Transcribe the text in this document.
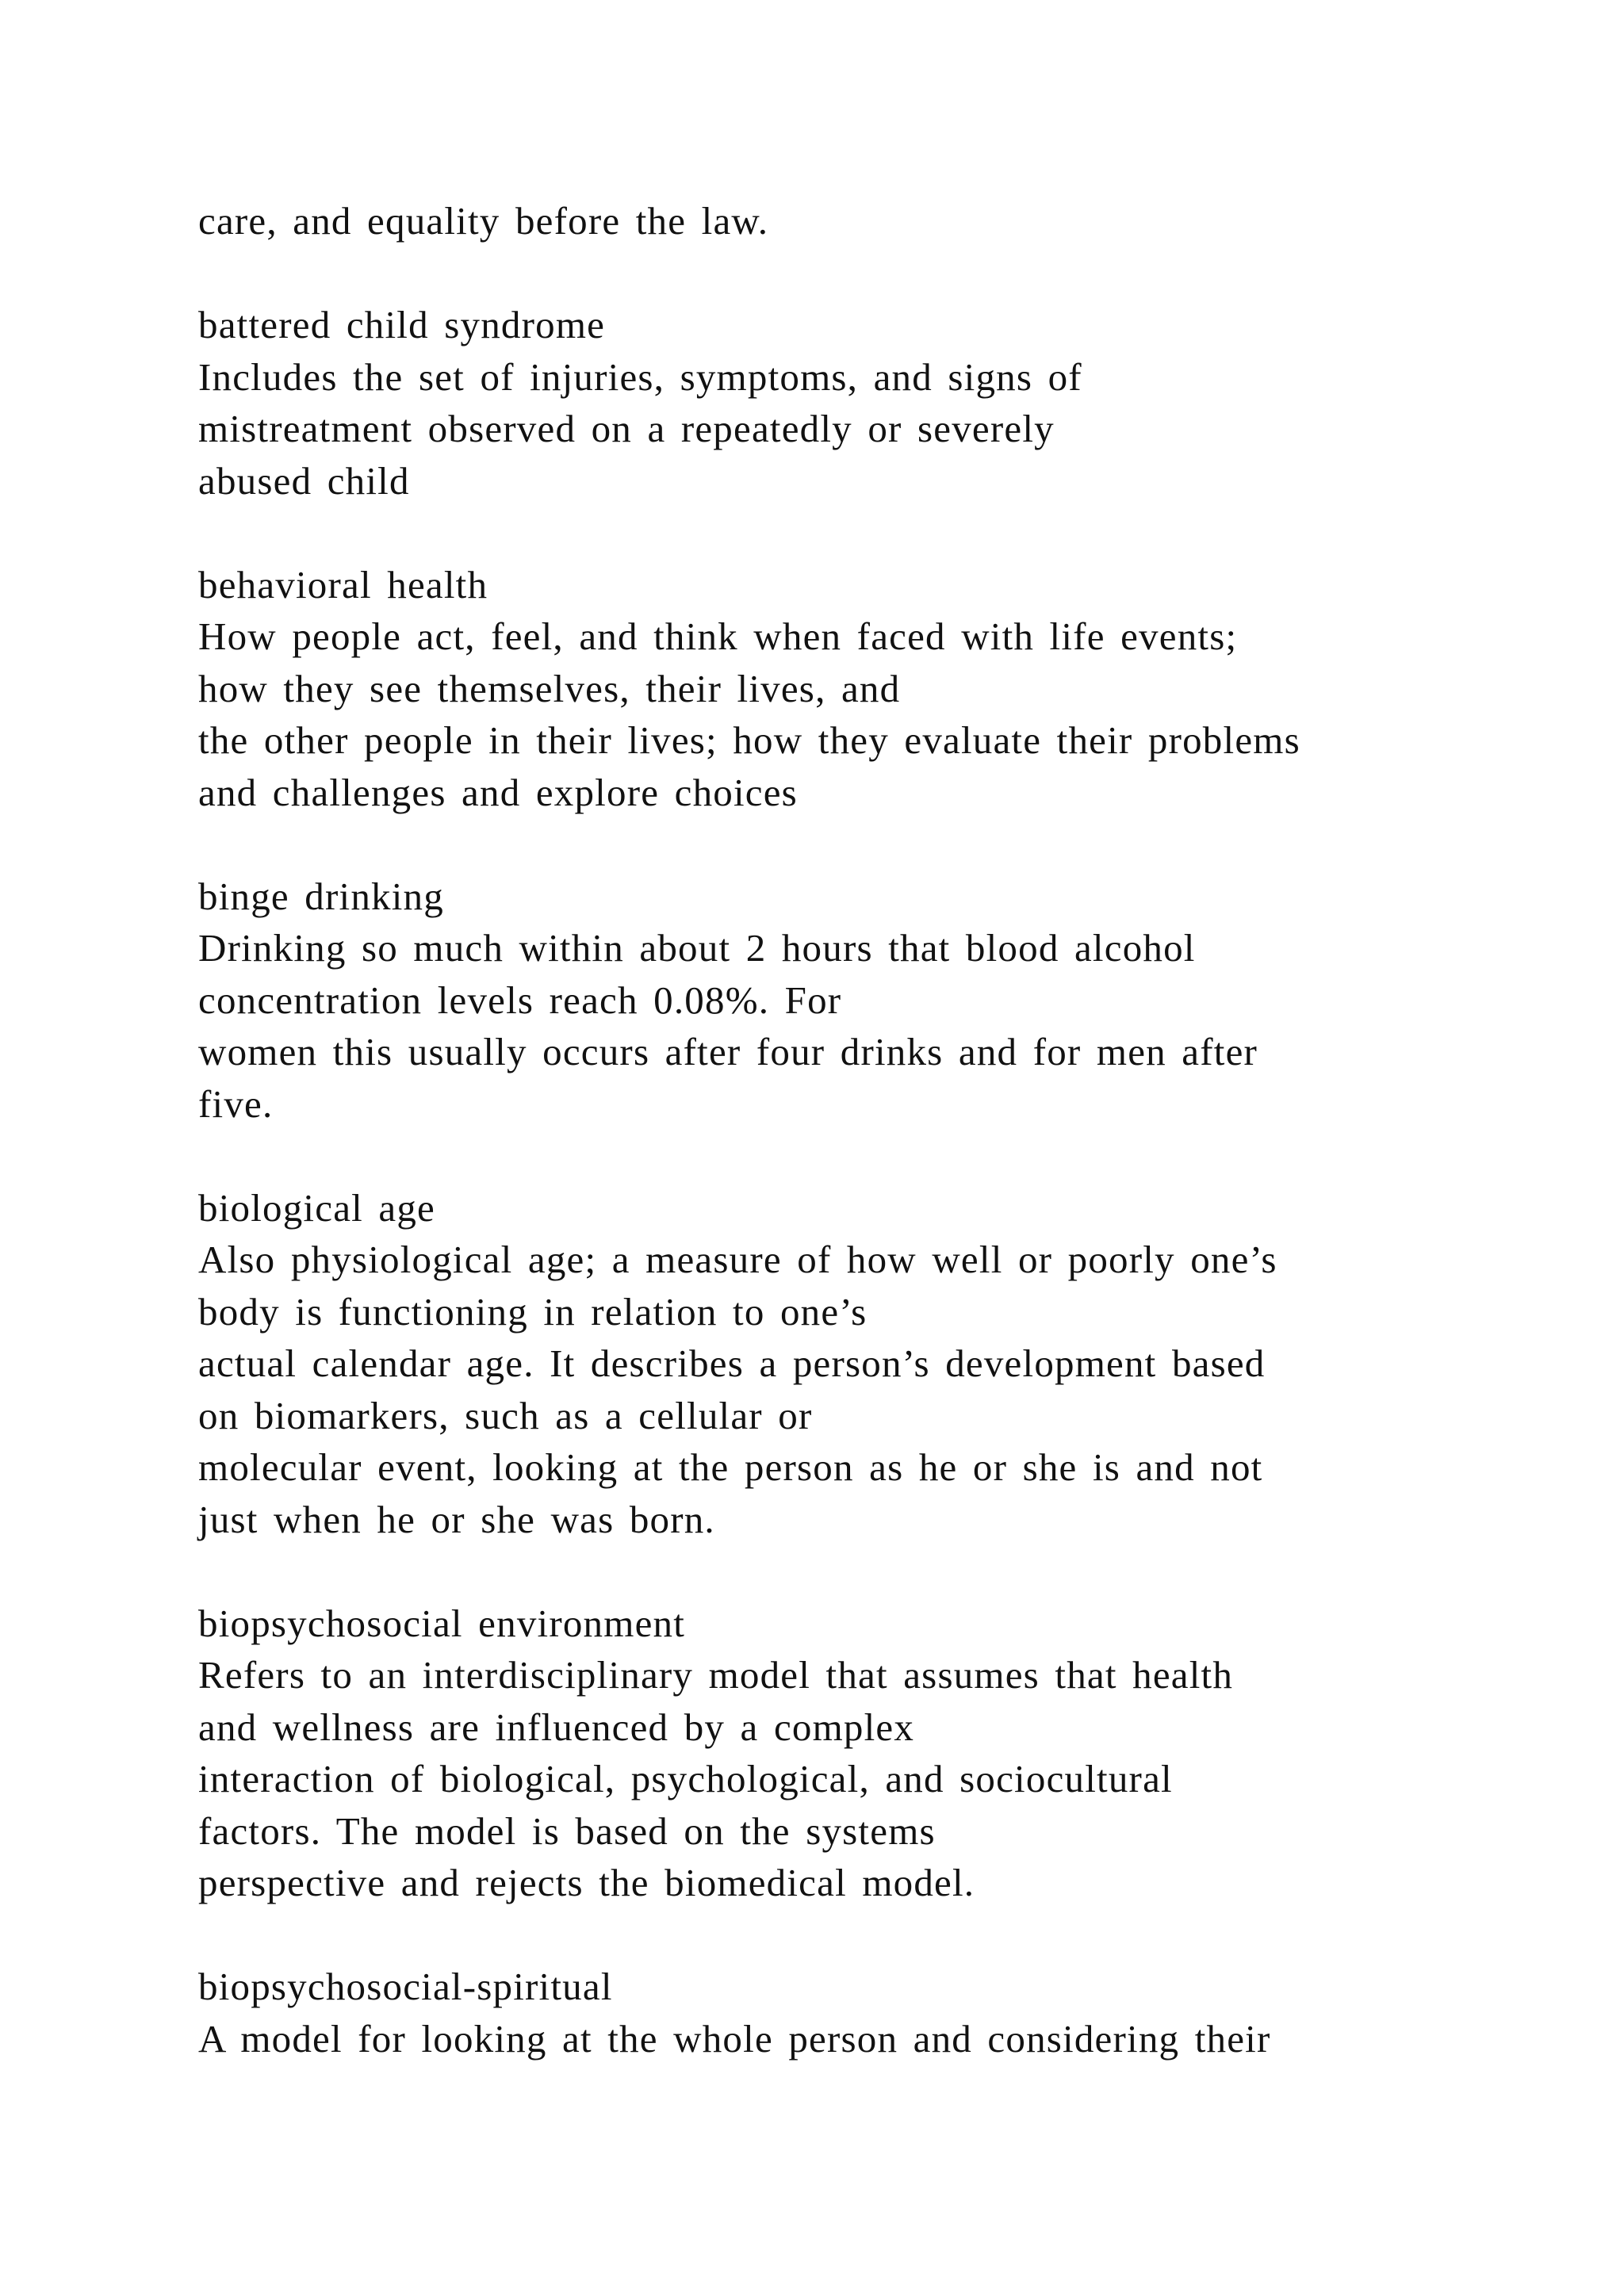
care, and equality before the law.
battered child syndrome
Includes the set of injuries, symptoms, and signs of
mistreatment observed on a repeatedly or severely
abused child
behavioral health
How people act, feel, and think when faced with life events;
how they see themselves, their lives, and
the other people in their lives; how they evaluate their problems
and challenges and explore choices
binge drinking
Drinking so much within about 2 hours that blood alcohol
concentration levels reach 0.08%. For
women this usually occurs after four drinks and for men after
five.
biological age
Also physiological age; a measure of how well or poorly one’s
body is functioning in relation to one’s
actual calendar age. It describes a person’s development based
on biomarkers, such as a cellular or
molecular event, looking at the person as he or she is and not
just when he or she was born.
biopsychosocial environment
Refers to an interdisciplinary model that assumes that health
and wellness are influenced by a complex
interaction of biological, psychological, and sociocultural
factors. The model is based on the systems
perspective and rejects the biomedical model.
biopsychosocial-spiritual
A model for looking at the whole person and considering their
